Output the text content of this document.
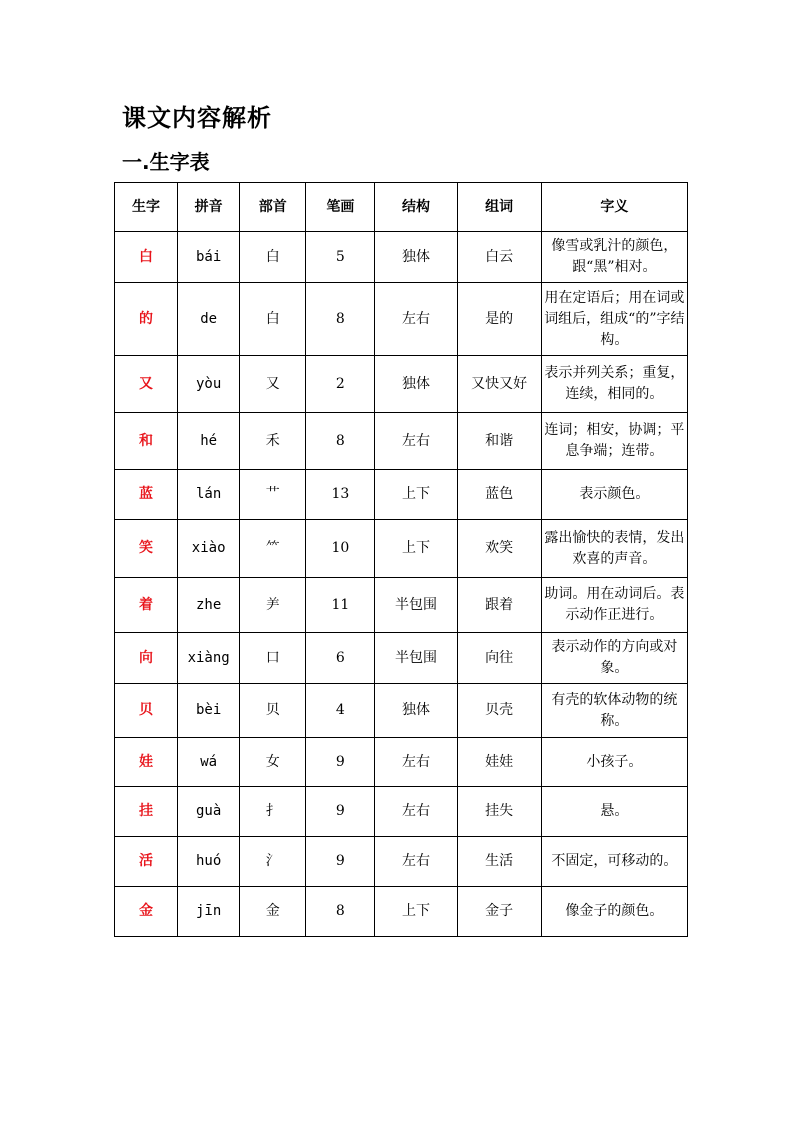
课文内容解析
一.生字表
生字	拼音	部首	笔画	结构	组词	字义
白	bái	白	5	独体	白云	像雪或乳汁的颜色，跟“黑”相对。
的	de	白	8	左右	是的	用在定语后；用在词或词组后，组成“的”字结构。
又	yòu	又	2	独体	又快又好	表示并列关系；重复，连续，相同的。
和	hé	禾	8	左右	和谐	连词；相安，协调；平息争端；连带。
蓝	lán	艹	13	上下	蓝色	表示颜色。
笑	xiào	⺮	10	上下	欢笑	露出愉快的表情，发出欢喜的声音。
着	zhe	⺶	11	半包围	跟着	助词。用在动词后。表示动作正进行。
向	xiàng	口	6	半包围	向往	表示动作的方向或对象。
贝	bèi	贝	4	独体	贝壳	有壳的软体动物的统称。
娃	wá	女	9	左右	娃娃	小孩子。
挂	guà	扌	9	左右	挂失	悬。
活	huó	氵	9	左右	生活	不固定，可移动的。
金	jīn	金	8	上下	金子	像金子的颜色。
